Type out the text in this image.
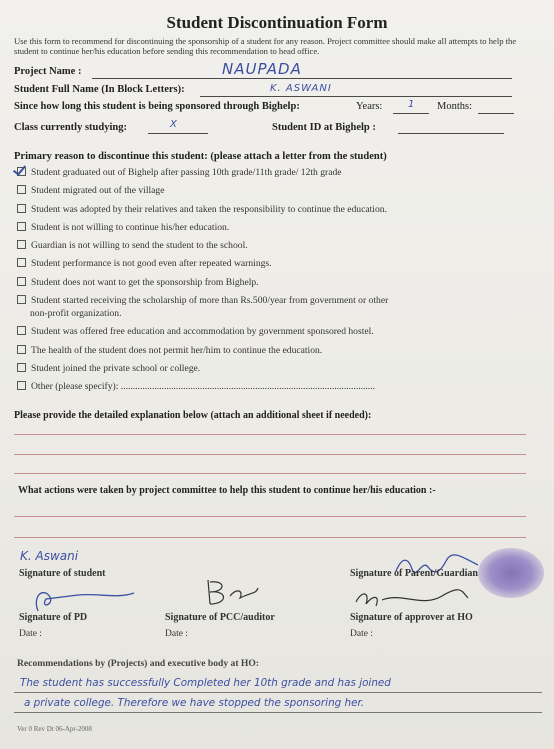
Student Discontinuation Form
Use this form to recommend for discontinuing the sponsorship of a student for any reason. Project committee should make all attempts to help the student to continue her/his education before sending this recommendation to head office.
Project Name :	NAUPADA
Student Full Name (In Block Letters):	K. ASWANI
Since how long this student is being sponsored through Bighelp:	Years:	1 Months:
Class currently studying:	X	Student ID at Bighelp :
Primary reason to discontinue this student: (please attach a letter from the student)
Student graduated out of Bighelp after passing 10th grade/11th grade/ 12th grade
Student migrated out of the village
Student was adopted by their relatives and taken the responsibility to continue the education.
Student is not willing to continue his/her education.
Guardian is not willing to send the student to the school.
Student performance is not good even after repeated warnings.
Student does not want to get the sponsorship from Bighelp.
Student started receiving the scholarship of more than Rs.500/year from government or other
non-profit organization.
Student was offered free education and accommodation by government sponsored hostel.
The health of the student does not permit her/him to continue the education.
Student joined the private school or college.
Other (please specify): ..........................................................................................................
Please provide the detailed explanation below (attach an additional sheet if needed):
What actions were taken by project committee to help this student to continue her/his education :-
K. Aswani
Signature of student	Signature of Parent/Guardian
Signature of PD	Signature of PCC/auditor	Signature of approver at HO
Date :	Date :	Date :
Recommendations by (Projects) and executive body at HO:
The student has successfully Completed her 10th grade and has joined
a private college. Therefore we have stopped the sponsoring her.
Ver 0 Rev Dt 06-Apr-2008
